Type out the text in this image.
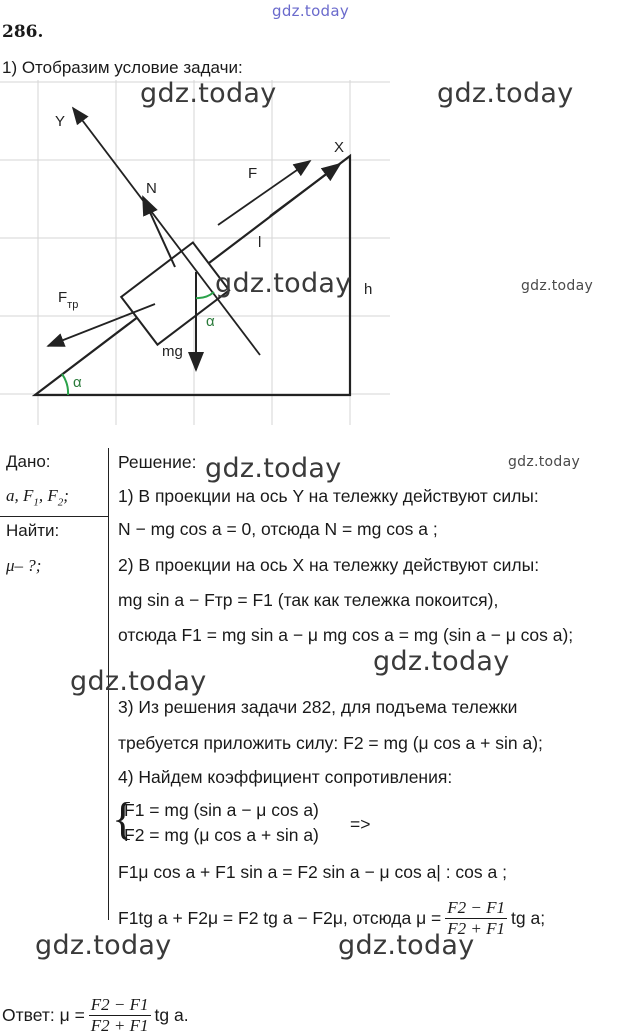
gdz.today
286.
1) Отобразим условие задачи:
Y
X
N
F
l
$F_{тр}$
h
α
α
mg
gdz.today	gdz.today
gdz.today	gdz.today
Дано:
a, $F_1$, $F_2$;
Найти:
μ– ?;
Решение: gdz.today	gdz.today
1) В проекции на ось Y на тележку действуют силы:
N − mg cos a = 0, отсюда N = mg cos a ;
2) В проекции на ось X на тележку действуют силы:
mg sin a − Fтр = F1 (так как тележка покоится),
отсюда F1 = mg sin a − μ mg cos a = mg (sin a − μ cos a);
gdz.today
gdz.today
3) Из решения задачи 282, для подъема тележки
требуется приложить силу: F2 = mg (μ cos a + sin a);
4) Найдем коэффициент сопротивления:
{
F1 = mg (sin a − μ cos a)
F2 = mg (μ cos a + sin a)
=>
F1μ cos a + F1 sin a = F2 sin a − μ cos a| : cos a ;
F1tg a + F2μ = F2 tg a − F2μ, отсюда $\mu = \frac{F2 - F1}{F2 + F1}$ tg a;
gdz.today	gdz.today
Ответ: $\mu = \frac{F2 - F1}{F2 + F1}$ tg a.
